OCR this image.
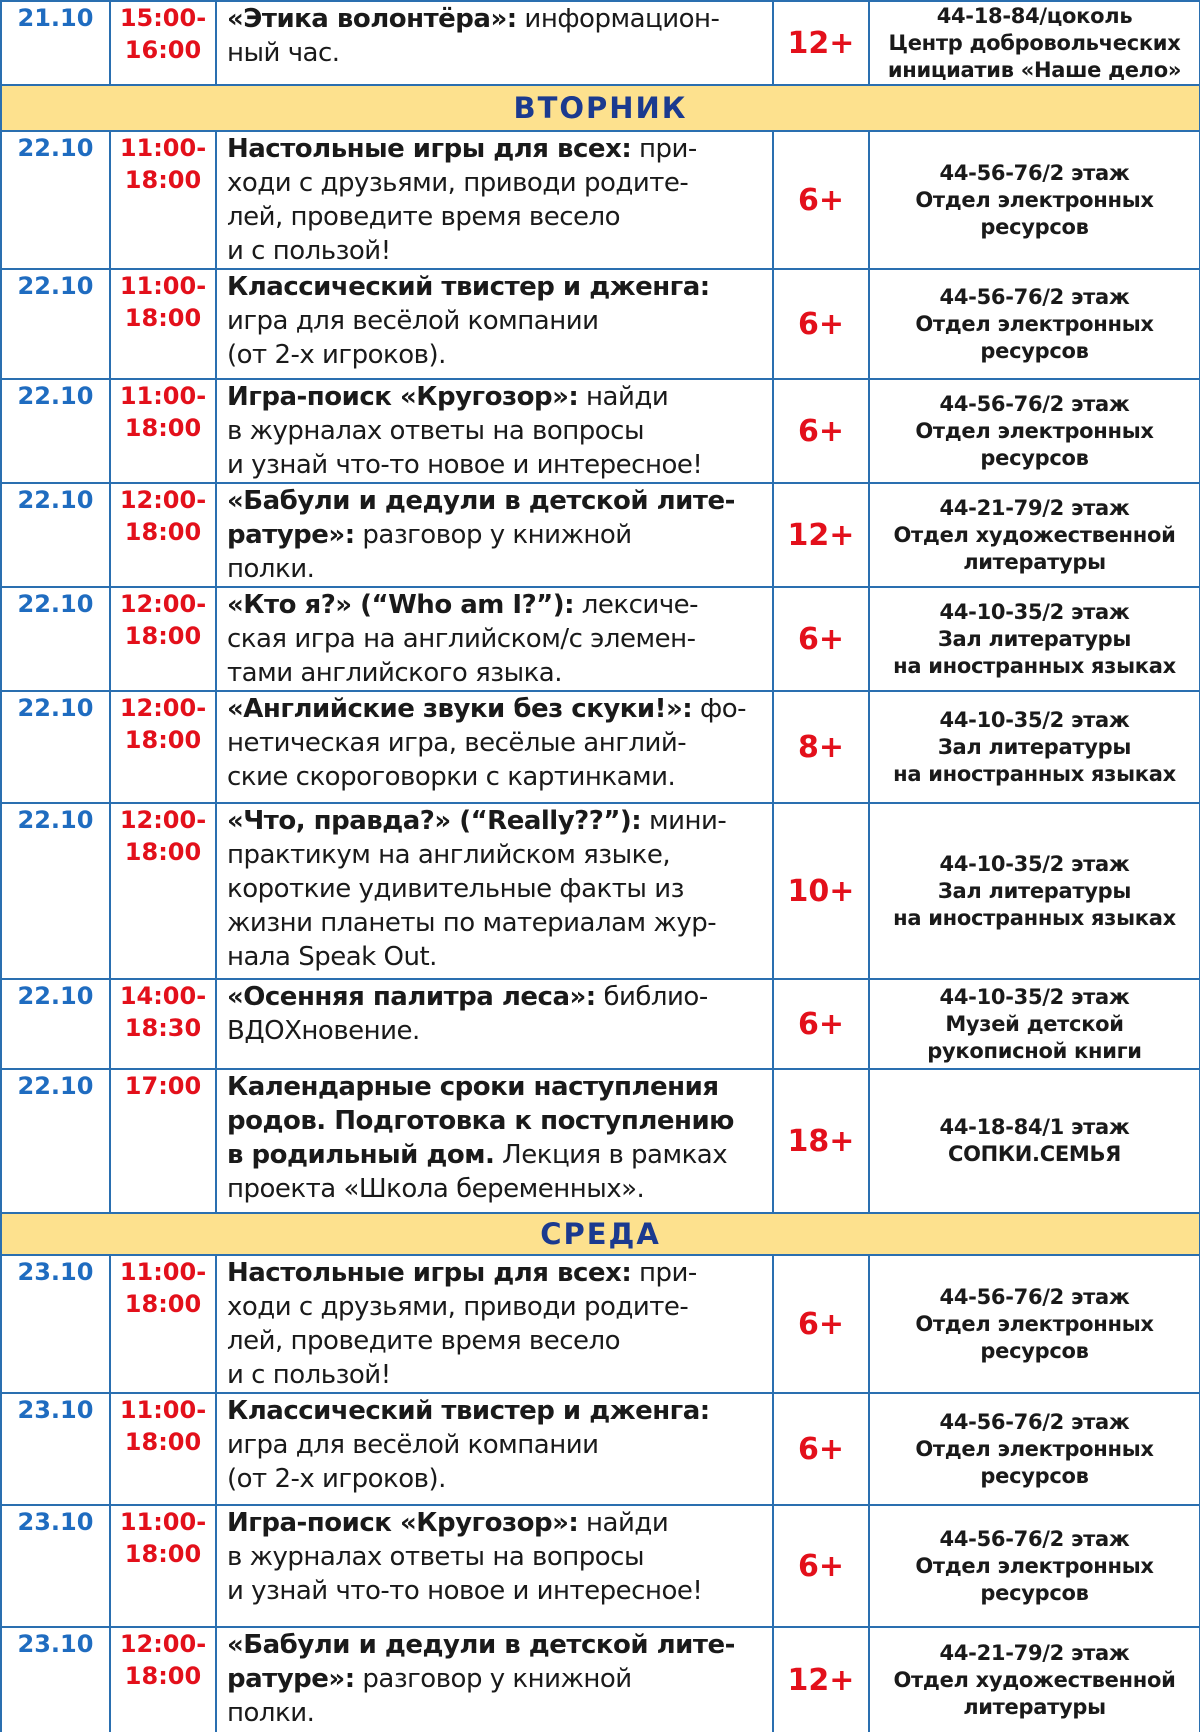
21.10	15:00-
16:00	«Этика волонтёра»: информацион-
ный час.	12+	44-18-84/цоколь
Центр добровольческих
инициатив «Наше дело»
ВТОРНИК				
22.10	11:00-
18:00	Настольные игры для всех: при-
ходи с друзьями, приводи родите-
лей, проведите время весело
и с пользой!	6+	44-56-76/2 этаж
Отдел электронных
ресурсов
22.10	11:00-
18:00	Классический твистер и дженга:
игра для весёлой компании
(от 2-х игроков).	6+	44-56-76/2 этаж
Отдел электронных
ресурсов
22.10	11:00-
18:00	Игра-поиск «Кругозор»: найди
в журналах ответы на вопросы
и узнай что-то новое и интересное!	6+	44-56-76/2 этаж
Отдел электронных
ресурсов
22.10	12:00-
18:00	«Бабули и дедули в детской лите-
ратуре»: разговор у книжной
полки.	12+	44-21-79/2 этаж
Отдел художественной
литературы
22.10	12:00-
18:00	«Кто я?» (“Who am I?”): лексиче-
ская игра на английском/с элемен-
тами английского языка.	6+	44-10-35/2 этаж
Зал литературы
на иностранных языках
22.10	12:00-
18:00	«Английские звуки без скуки!»: фо-
нетическая игра, весёлые англий-
ские скороговорки с картинками.	8+	44-10-35/2 этаж
Зал литературы
на иностранных языках
22.10	12:00-
18:00	«Что, правда?» (“Really??”): мини-
практикум на английском языке,
короткие удивительные факты из
жизни планеты по материалам жур-
нала Speak Out.	10+	44-10-35/2 этаж
Зал литературы
на иностранных языках
22.10	14:00-
18:30	«Осенняя палитра леса»: библио-
ВДОХновение.	6+	44-10-35/2 этаж
Музей детской
рукописной книги
22.10	17:00	Календарные сроки наступления
родов. Подготовка к поступлению
в родильный дом. Лекция в рамках
проекта «Школа беременных».	18+	44-18-84/1 этаж
СОПКИ.СЕМЬЯ
СРЕДА				
23.10	11:00-
18:00	Настольные игры для всех: при-
ходи с друзьями, приводи родите-
лей, проведите время весело
и с пользой!	6+	44-56-76/2 этаж
Отдел электронных
ресурсов
23.10	11:00-
18:00	Классический твистер и дженга:
игра для весёлой компании
(от 2-х игроков).	6+	44-56-76/2 этаж
Отдел электронных
ресурсов
23.10	11:00-
18:00	Игра-поиск «Кругозор»: найди
в журналах ответы на вопросы
и узнай что-то новое и интересное!	6+	44-56-76/2 этаж
Отдел электронных
ресурсов
23.10	12:00-
18:00	«Бабули и дедули в детской лите-
ратуре»: разговор у книжной
полки.	12+	44-21-79/2 этаж
Отдел художественной
литературы
